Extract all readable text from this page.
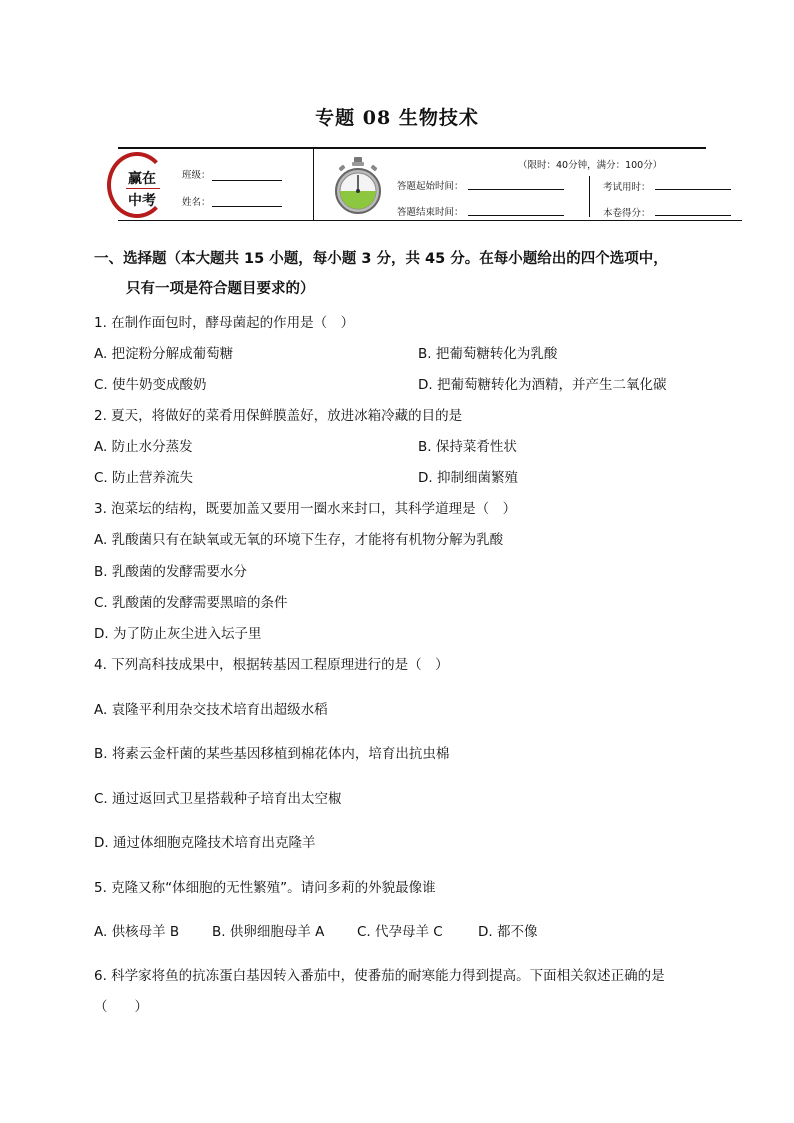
专题 08 生物技术
赢在
中考
班级：
姓名：
（限时：40分钟，满分：100分）
答题起始时间：
答题结束时间：
考试用时：
本卷得分：
一、选择题（本大题共 15 小题，每小题 3 分，共 45 分。在每小题给出的四个选项中，
只有一项是符合题目要求的）
1. 在制作面包时，酵母菌起的作用是（　）
A. 把淀粉分解成葡萄糖	B. 把葡萄糖转化为乳酸
C. 使牛奶变成酸奶	D. 把葡萄糖转化为酒精，并产生二氧化碳
2. 夏天，将做好的菜肴用保鲜膜盖好，放进冰箱冷藏的目的是
A. 防止水分蒸发	B. 保持菜肴性状
C. 防止营养流失	D. 抑制细菌繁殖
3. 泡菜坛的结构，既要加盖又要用一圈水来封口，其科学道理是（　）
A. 乳酸菌只有在缺氧或无氧的环境下生存，才能将有机物分解为乳酸
B. 乳酸菌的发酵需要水分
C. 乳酸菌的发酵需要黑暗的条件
D. 为了防止灰尘进入坛子里
4. 下列高科技成果中，根据转基因工程原理进行的是（　）
A. 袁隆平利用杂交技术培育出超级水稻
B. 将素云金杆菌的某些基因移植到棉花体内，培育出抗虫棉
C. 通过返回式卫星搭载种子培育出太空椒
D. 通过体细胞克隆技术培育出克隆羊
5. 克隆又称“体细胞的无性繁殖”。请问多莉的外貌最像谁
A. 供核母羊 B B. 供卵细胞母羊 A C. 代孕母羊 C	D. 都不像
6. 科学家将鱼的抗冻蛋白基因转入番茄中，使番茄的耐寒能力得到提高。下面相关叙述正确的是
（　　）
